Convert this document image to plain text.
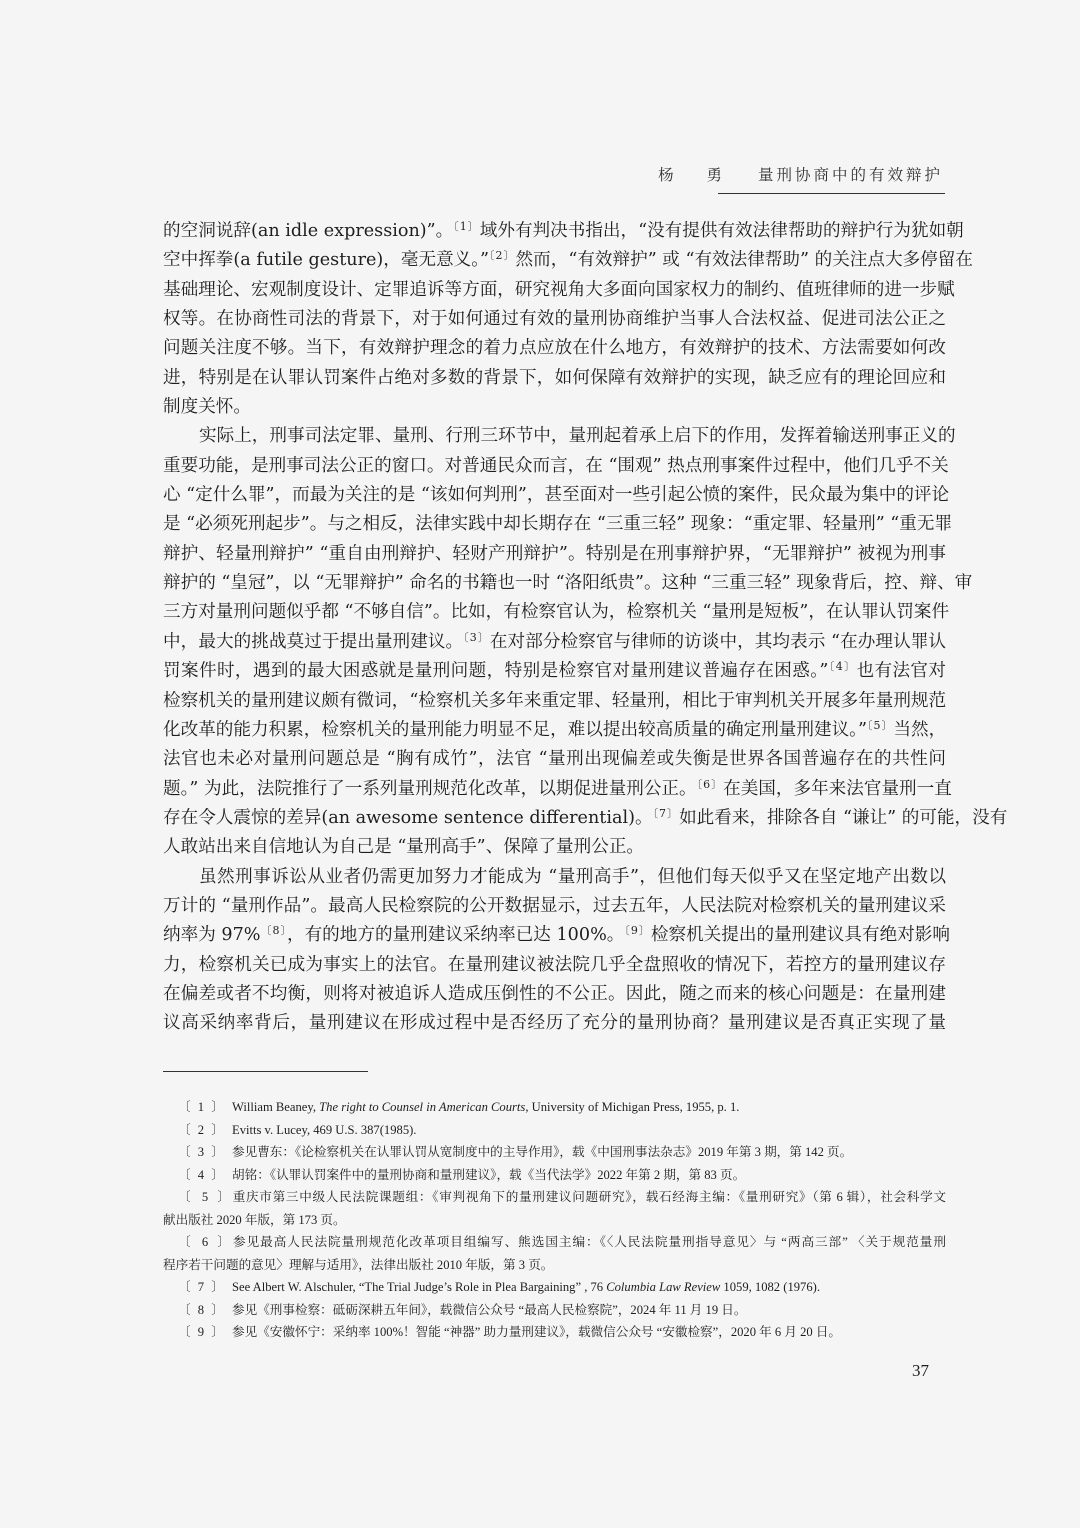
杨 勇 量刑协商中的有效辩护
的空洞说辞(an idle expression)”。$^{〔1〕}$域外有判决书指出，“没有提供有效法律帮助的辩护行为犹如朝
空中挥拳(a futile gesture)，毫无意义。”$^{〔2〕}$然而，“有效辩护” 或 “有效法律帮助” 的关注点大多停留在
基础理论、宏观制度设计、定罪追诉等方面，研究视角大多面向国家权力的制约、值班律师的进一步赋
权等。在协商性司法的背景下，对于如何通过有效的量刑协商维护当事人合法权益、促进司法公正之
问题关注度不够。当下，有效辩护理念的着力点应放在什么地方，有效辩护的技术、方法需要如何改
进，特别是在认罪认罚案件占绝对多数的背景下，如何保障有效辩护的实现，缺乏应有的理论回应和
制度关怀。
实际上，刑事司法定罪、量刑、行刑三环节中，量刑起着承上启下的作用，发挥着输送刑事正义的
重要功能，是刑事司法公正的窗口。对普通民众而言，在 “围观” 热点刑事案件过程中，他们几乎不关
心 “定什么罪”，而最为关注的是 “该如何判刑”，甚至面对一些引起公愤的案件，民众最为集中的评论
是 “必须死刑起步”。与之相反，法律实践中却长期存在 “三重三轻” 现象：“重定罪、轻量刑” “重无罪
辩护、轻量刑辩护” “重自由刑辩护、轻财产刑辩护”。特别是在刑事辩护界，“无罪辩护” 被视为刑事
辩护的 “皇冠”，以 “无罪辩护” 命名的书籍也一时 “洛阳纸贵”。这种 “三重三轻” 现象背后，控、辩、审
三方对量刑问题似乎都 “不够自信”。比如，有检察官认为，检察机关 “量刑是短板”，在认罪认罚案件
中，最大的挑战莫过于提出量刑建议。$^{〔3〕}$在对部分检察官与律师的访谈中，其均表示 “在办理认罪认
罚案件时，遇到的最大困惑就是量刑问题，特别是检察官对量刑建议普遍存在困惑。”$^{〔4〕}$也有法官对
检察机关的量刑建议颇有微词，“检察机关多年来重定罪、轻量刑，相比于审判机关开展多年量刑规范
化改革的能力积累，检察机关的量刑能力明显不足，难以提出较高质量的确定刑量刑建议。”$^{〔5〕}$当然，
法官也未必对量刑问题总是 “胸有成竹”，法官 “量刑出现偏差或失衡是世界各国普遍存在的共性问
题。” 为此，法院推行了一系列量刑规范化改革，以期促进量刑公正。$^{〔6〕}$在美国，多年来法官量刑一直
存在令人震惊的差异(an awesome sentence differential)。$^{〔7〕}$如此看来，排除各自 “谦让” 的可能，没有
人敢站出来自信地认为自己是 “量刑高手”、保障了量刑公正。
虽然刑事诉讼从业者仍需更加努力才能成为 “量刑高手”，但他们每天似乎又在坚定地产出数以
万计的 “量刑作品”。最高人民检察院的公开数据显示，过去五年，人民法院对检察机关的量刑建议采
纳率为 97%$^{〔8〕}$，有的地方的量刑建议采纳率已达 100%。$^{〔9〕}$检察机关提出的量刑建议具有绝对影响
力，检察机关已成为事实上的法官。在量刑建议被法院几乎全盘照收的情况下，若控方的量刑建议存
在偏差或者不均衡，则将对被追诉人造成压倒性的不公正。因此，随之而来的核心问题是：在量刑建
议高采纳率背后，量刑建议在形成过程中是否经历了充分的量刑协商？量刑建议是否真正实现了量
〔 1 〕 William Beaney, The right to Counsel in American Courts, University of Michigan Press, 1955, p. 1.
〔 2 〕 Evitts v. Lucey, 469 U.S. 387(1985).
〔 3 〕 参见曹东：《论检察机关在认罪认罚从宽制度中的主导作用》，载《中国刑事法杂志》2019 年第 3 期，第 142 页。
〔 4 〕 胡铭：《认罪认罚案件中的量刑协商和量刑建议》，载《当代法学》2022 年第 2 期，第 83 页。
〔 5 〕重庆市第三中级人民法院课题组：《审判视角下的量刑建议问题研究》，载石经海主编：《量刑研究》（第 6 辑），社会科学文
献出版社 2020 年版，第 173 页。
〔 6 〕参见最高人民法院量刑规范化改革项目组编写、熊选国主编：《〈人民法院量刑指导意见〉与 “两高三部” 〈关于规范量刑
程序若干问题的意见〉理解与适用》，法律出版社 2010 年版，第 3 页。
〔 7 〕 See Albert W. Alschuler, “The Trial Judge’s Role in Plea Bargaining” , 76 Columbia Law Review 1059, 1082 (1976).
〔 8 〕 参见《刑事检察：砥砺深耕五年间》，载微信公众号 “最高人民检察院”，2024 年 11 月 19 日。
〔 9 〕 参见《安徽怀宁：采纳率 100%！智能 “神器” 助力量刑建议》，载微信公众号 “安徽检察”，2020 年 6 月 20 日。
37
